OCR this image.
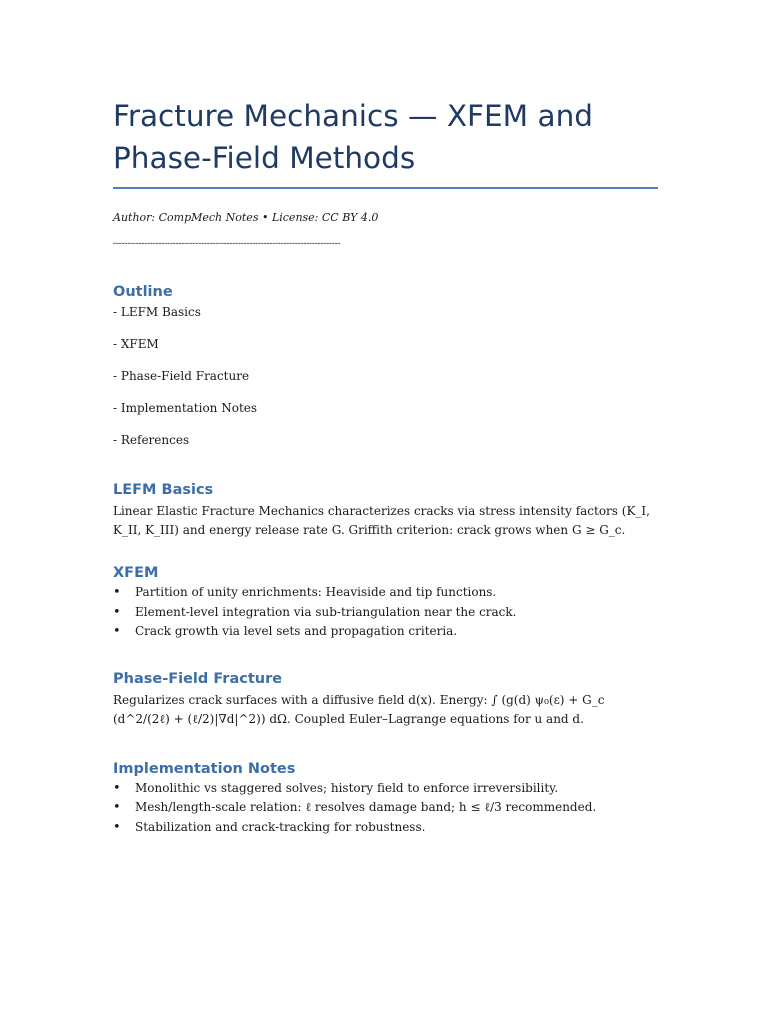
Fracture Mechanics — XFEM and Phase-Field Methods
Author: CompMech Notes • License: CC BY 4.0
--------------------------------------------------------------------------------
Outline

- LEFM Basics

- XFEM

- Phase-Field Fracture

- Implementation Notes

- References

LEFM Basics

Linear Elastic Fracture Mechanics characterizes cracks via stress intensity factors (K_I, K_II, K_III) and energy release rate G. Griffith criterion: crack grows when G ≥ G_c.

XFEM
• Partition of unity enrichments: Heaviside and tip functions.
• Element-level integration via sub-triangulation near the crack.
• Crack growth via level sets and propagation criteria.
Phase-Field Fracture

Regularizes crack surfaces with a diffusive field d(x). Energy: ∫ (g(d) ψ₀(ε) + G_c (d^2/(2ℓ) + (ℓ/2)|∇d|^2)) dΩ. Coupled Euler–Lagrange equations for u and d.

Implementation Notes
• Monolithic vs staggered solves; history field to enforce irreversibility.
• Mesh/length-scale relation: ℓ resolves damage band; h ≤ ℓ/3 recommended.
• Stabilization and crack-tracking for robustness.
